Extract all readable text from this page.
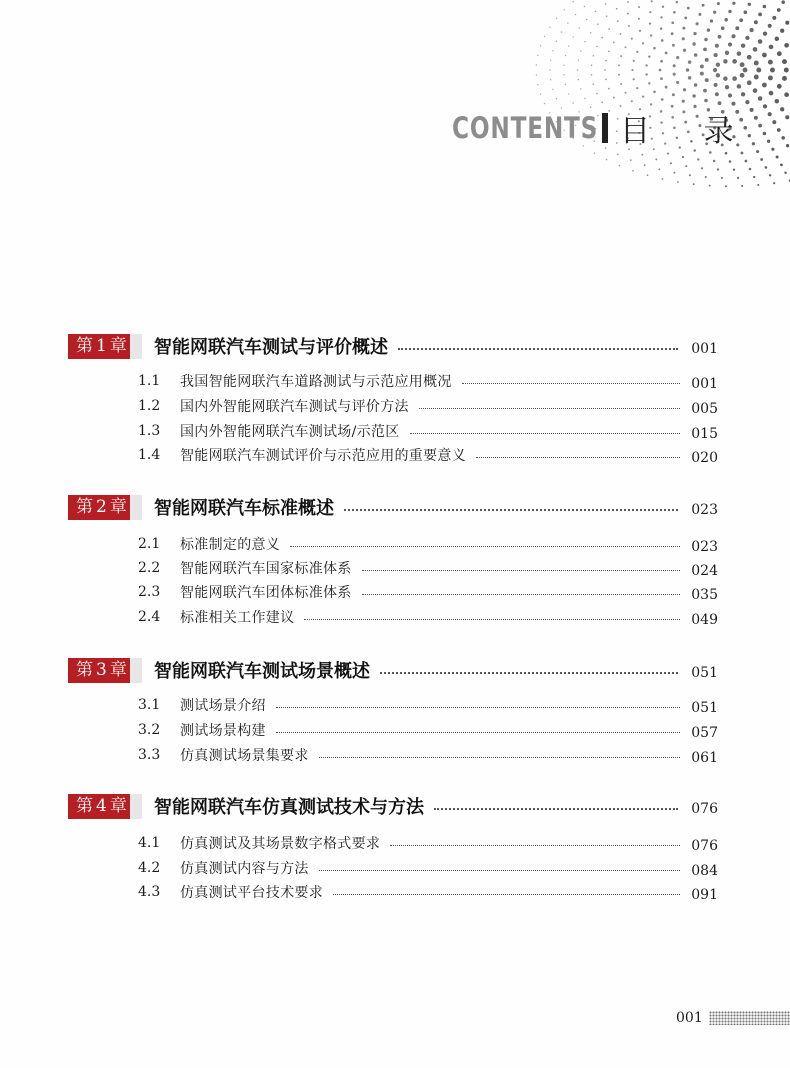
CONTENTS 目 录
第 1 章 智能网联汽车测试与评价概述	001
1.1	我国智能网联汽车道路测试与示范应用概况	001
1.2	国内外智能网联汽车测试与评价方法	005
1.3	国内外智能网联汽车测试场/示范区	015
1.4	智能网联汽车测试评价与示范应用的重要意义	020
第 2 章 智能网联汽车标准概述	023
2.1	标准制定的意义	023
2.2	智能网联汽车国家标准体系	024
2.3	智能网联汽车团体标准体系	035
2.4	标准相关工作建议	049
第 3 章 智能网联汽车测试场景概述	051
3.1	测试场景介绍	051
3.2	测试场景构建	057
3.3	仿真测试场景集要求	061
第 4 章 智能网联汽车仿真测试技术与方法	076
4.1	仿真测试及其场景数字格式要求	076
4.2	仿真测试内容与方法	084
4.3	仿真测试平台技术要求	091
001
